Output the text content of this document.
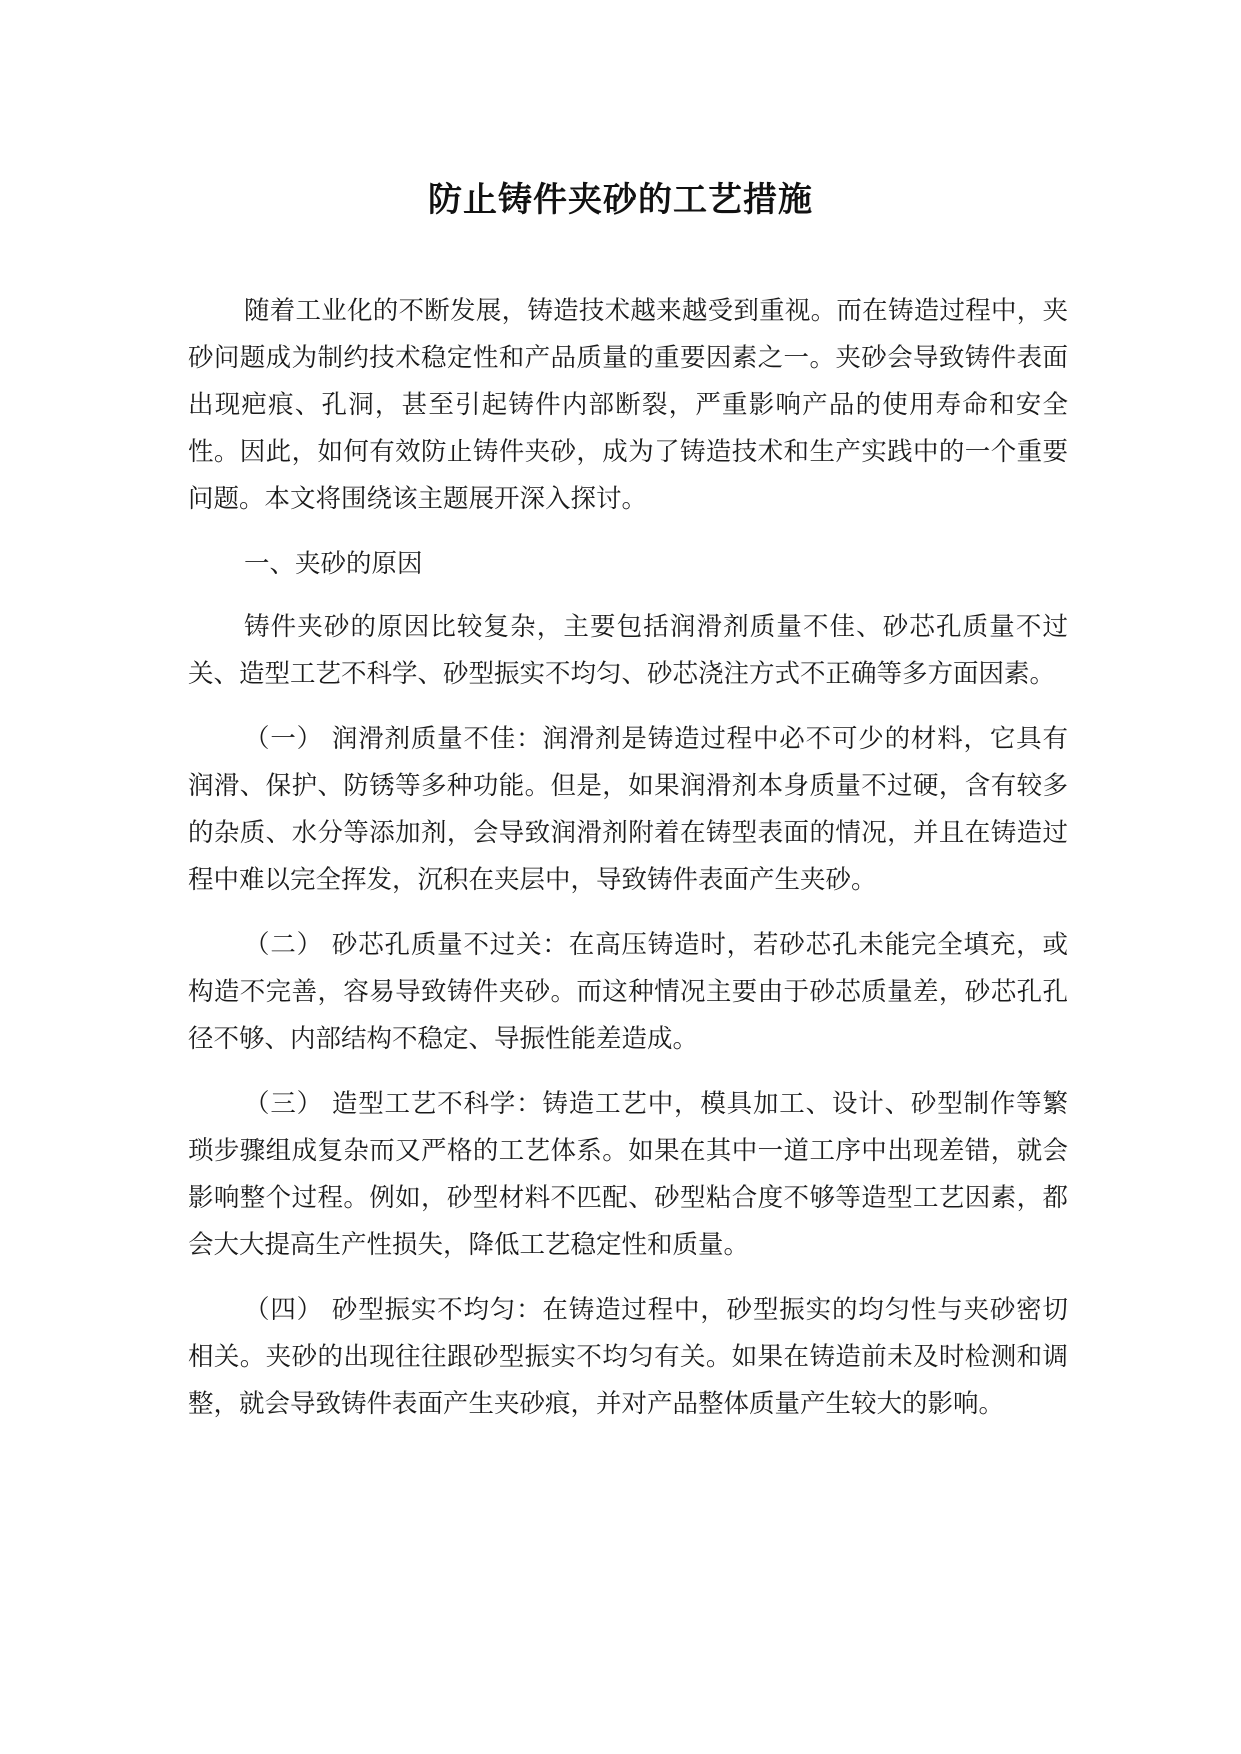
防止铸件夹砂的工艺措施

随着工业化的不断发展，铸造技术越来越受到重视。而在铸造过程中，夹砂问题成为制约技术稳定性和产品质量的重要因素之一。夹砂会导致铸件表面出现疤痕、孔洞，甚至引起铸件内部断裂，严重影响产品的使用寿命和安全性。因此，如何有效防止铸件夹砂，成为了铸造技术和生产实践中的一个重要问题。本文将围绕该主题展开深入探讨。

一、夹砂的原因

铸件夹砂的原因比较复杂，主要包括润滑剂质量不佳、砂芯孔质量不过关、造型工艺不科学、砂型振实不均匀、砂芯浇注方式不正确等多方面因素。

（一） 润滑剂质量不佳：润滑剂是铸造过程中必不可少的材料，它具有润滑、保护、防锈等多种功能。但是，如果润滑剂本身质量不过硬，含有较多的杂质、水分等添加剂，会导致润滑剂附着在铸型表面的情况，并且在铸造过程中难以完全挥发，沉积在夹层中，导致铸件表面产生夹砂。

（二） 砂芯孔质量不过关：在高压铸造时，若砂芯孔未能完全填充，或构造不完善，容易导致铸件夹砂。而这种情况主要由于砂芯质量差，砂芯孔孔径不够、内部结构不稳定、导振性能差造成。

（三） 造型工艺不科学：铸造工艺中，模具加工、设计、砂型制作等繁琐步骤组成复杂而又严格的工艺体系。如果在其中一道工序中出现差错，就会影响整个过程。例如，砂型材料不匹配、砂型粘合度不够等造型工艺因素，都会大大提高生产性损失，降低工艺稳定性和质量。

（四） 砂型振实不均匀：在铸造过程中，砂型振实的均匀性与夹砂密切相关。夹砂的出现往往跟砂型振实不均匀有关。如果在铸造前未及时检测和调整，就会导致铸件表面产生夹砂痕，并对产品整体质量产生较大的影响。
